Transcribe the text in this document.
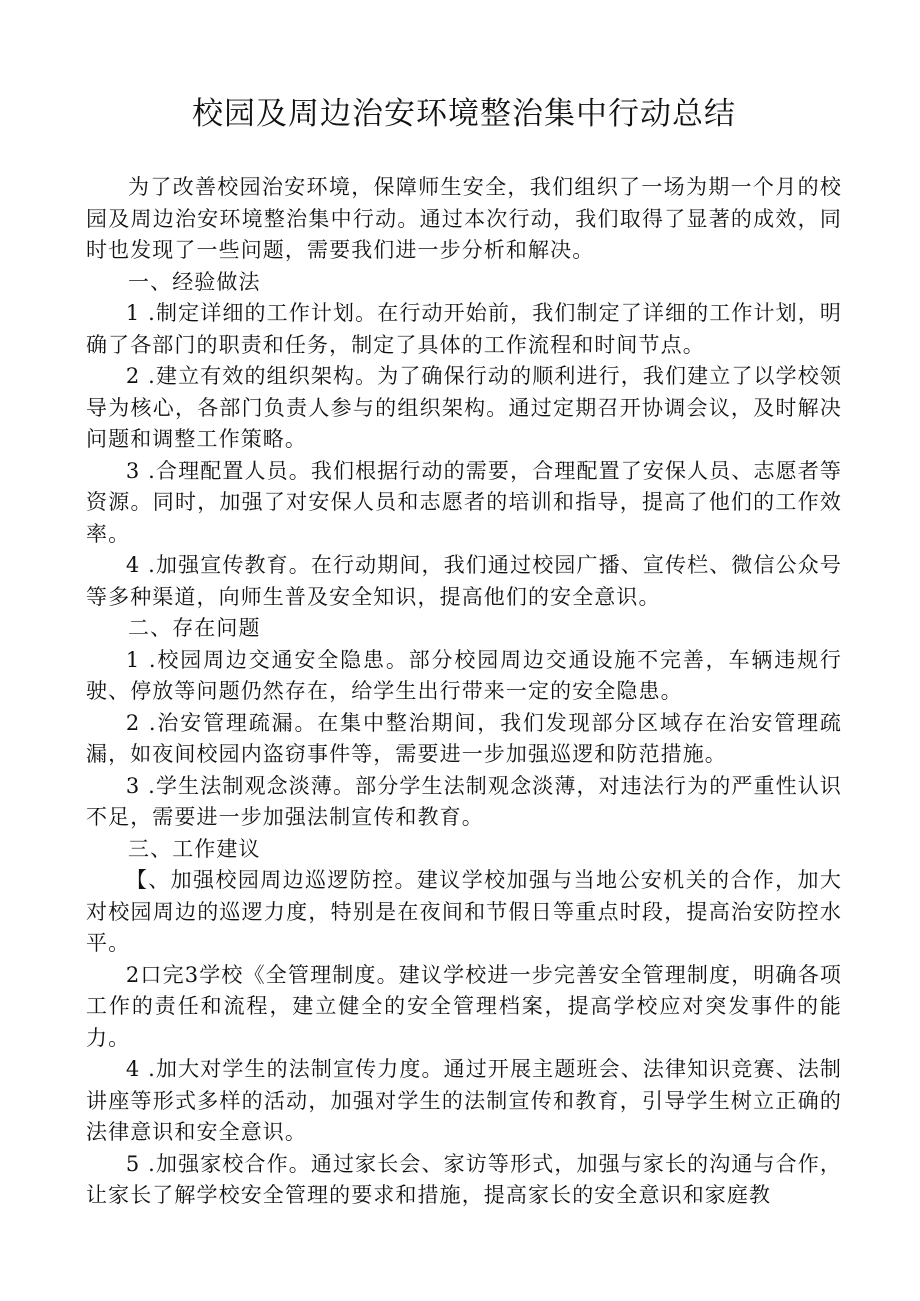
校园及周边治安环境整治集中行动总结

为了改善校园治安环境，保障师生安全，我们组织了一场为期一个月的校园及周边治安环境整治集中行动。通过本次行动，我们取得了显著的成效，同时也发现了一些问题，需要我们进一步分析和解决。

一、经验做法

1 .制定详细的工作计划。在行动开始前，我们制定了详细的工作计划，明确了各部门的职责和任务，制定了具体的工作流程和时间节点。

2 .建立有效的组织架构。为了确保行动的顺利进行，我们建立了以学校领导为核心，各部门负责人参与的组织架构。通过定期召开协调会议，及时解决问题和调整工作策略。

3 .合理配置人员。我们根据行动的需要，合理配置了安保人员、志愿者等资源。同时，加强了对安保人员和志愿者的培训和指导，提高了他们的工作效率。

4 .加强宣传教育。在行动期间，我们通过校园广播、宣传栏、微信公众号等多种渠道，向师生普及安全知识，提高他们的安全意识。

二、存在问题

1 .校园周边交通安全隐患。部分校园周边交通设施不完善，车辆违规行驶、停放等问题仍然存在，给学生出行带来一定的安全隐患。

2 .治安管理疏漏。在集中整治期间，我们发现部分区域存在治安管理疏漏，如夜间校园内盗窃事件等，需要进一步加强巡逻和防范措施。

3 .学生法制观念淡薄。部分学生法制观念淡薄，对违法行为的严重性认识不足，需要进一步加强法制宣传和教育。

三、工作建议

【、加强校园周边巡逻防控。建议学校加强与当地公安机关的合作，加大对校园周边的巡逻力度，特别是在夜间和节假日等重点时段，提高治安防控水平。

2口完3学校《全管理制度。建议学校进一步完善安全管理制度，明确各项工作的责任和流程，建立健全的安全管理档案，提高学校应对突发事件的能力。

4 .加大对学生的法制宣传力度。通过开展主题班会、法律知识竞赛、法制讲座等形式多样的活动，加强对学生的法制宣传和教育，引导学生树立正确的法律意识和安全意识。

5 .加强家校合作。通过家长会、家访等形式，加强与家长的沟通与合作，让家长了解学校安全管理的要求和措施，提高家长的安全意识和家庭教
